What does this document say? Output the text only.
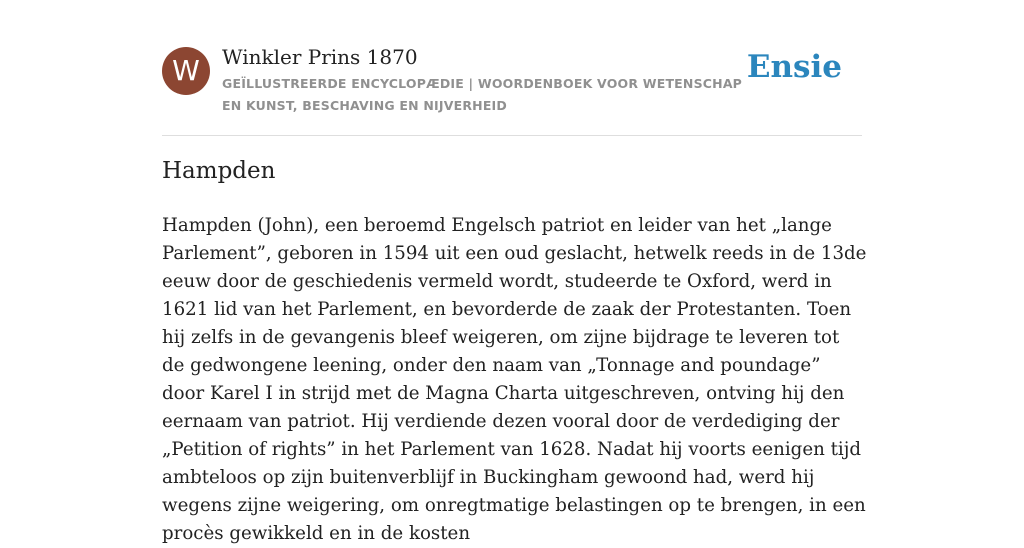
W	Winkler Prins 1870
GEÏLLUSTREERDE ENCYCLOPÆDIE | WOORDENBOEK VOOR WETENSCHAP EN KUNST, BESCHAVING EN NIJVERHEID
Ensie
Hampden

Hampden (John), een beroemd Engelsch patriot en leider van het „lange Parlement”, geboren in 1594 uit een oud geslacht, hetwelk reeds in de 13de eeuw door de geschiedenis vermeld wordt, studeerde te Oxford, werd in 1621 lid van het Parlement, en bevorderde de zaak der Protestanten. Toen hij zelfs in de gevangenis bleef weigeren, om zijne bijdrage te leveren tot de gedwongene leening, onder den naam van „Tonnage and poundage” door Karel I in strijd met de Magna Charta uitgeschreven, ontving hij den eernaam van patriot. Hij verdiende dezen vooral door de verdediging der „Petition of rights” in het Parlement van 1628. Nadat hij voorts eenigen tijd ambteloos op zijn buitenverblijf in Buckingham gewoond had, werd hij wegens zijne weigering, om onregtmatige belastingen op te brengen, in een procès gewikkeld en in de kosten
